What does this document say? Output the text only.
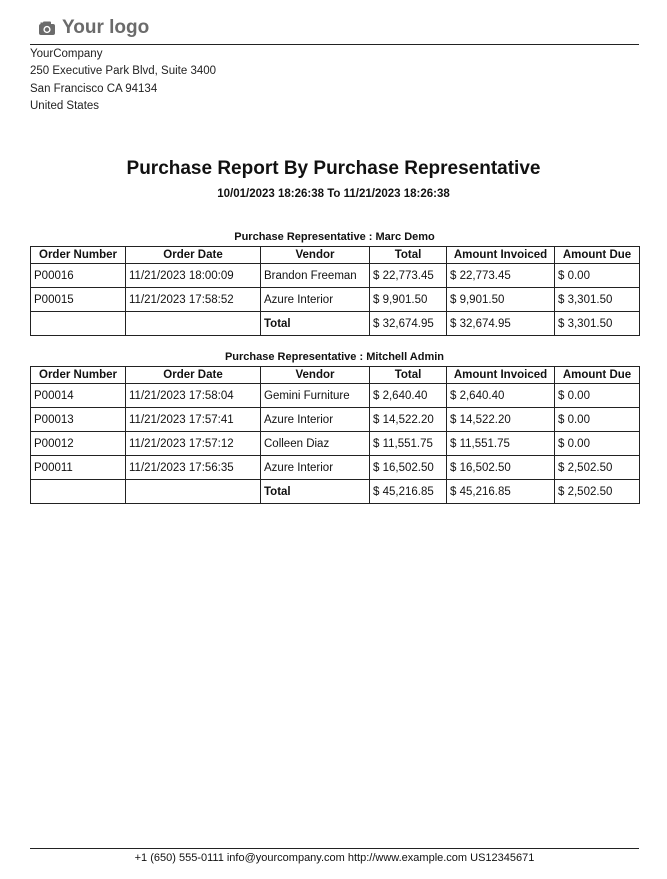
Your logo
YourCompany
250 Executive Park Blvd, Suite 3400
San Francisco CA 94134
United States
Purchase Report By Purchase Representative
10/01/2023 18:26:38 To 11/21/2023 18:26:38
Purchase Representative : Marc Demo
Order Number	Order Date	Vendor	Total	Amount Invoiced	Amount Due
P00016	11/21/2023 18:00:09	Brandon Freeman	$ 22,773.45	$ 22,773.45	$ 0.00
P00015	11/21/2023 17:58:52	Azure Interior	$ 9,901.50	$ 9,901.50	$ 3,301.50
		Total	$ 32,674.95	$ 32,674.95	$ 3,301.50
Purchase Representative : Mitchell Admin
Order Number	Order Date	Vendor	Total	Amount Invoiced	Amount Due
P00014	11/21/2023 17:58:04	Gemini Furniture	$ 2,640.40	$ 2,640.40	$ 0.00
P00013	11/21/2023 17:57:41	Azure Interior	$ 14,522.20	$ 14,522.20	$ 0.00
P00012	11/21/2023 17:57:12	Colleen Diaz	$ 11,551.75	$ 11,551.75	$ 0.00
P00011	11/21/2023 17:56:35	Azure Interior	$ 16,502.50	$ 16,502.50	$ 2,502.50
		Total	$ 45,216.85	$ 45,216.85	$ 2,502.50
+1 (650) 555-0111 info@yourcompany.com http://www.example.com US12345671
